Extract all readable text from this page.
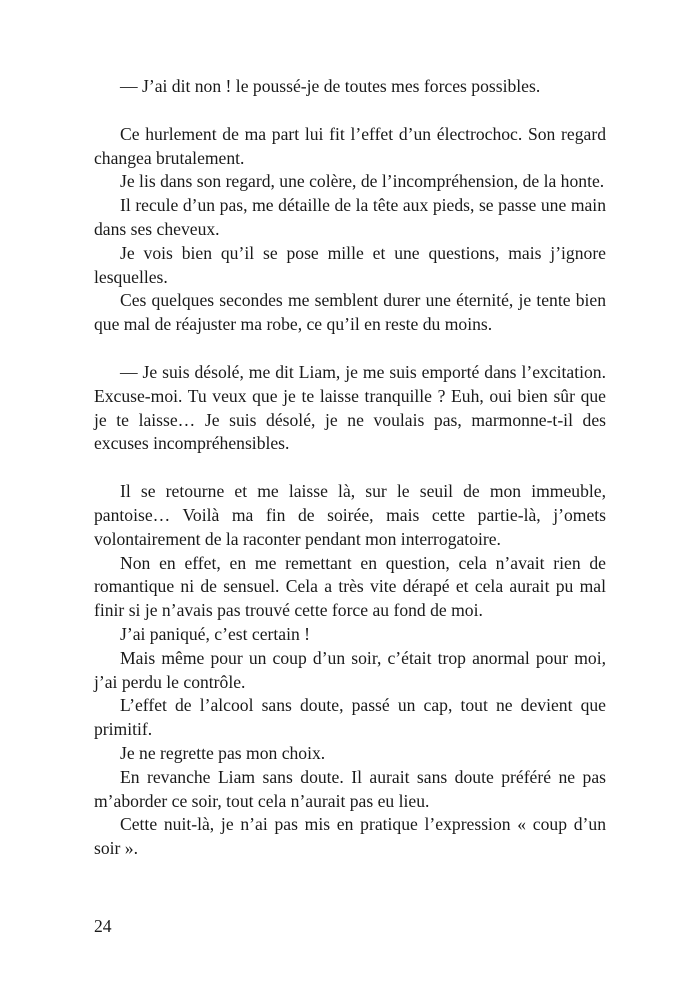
— J’ai dit non ! le poussé-je de toutes mes forces possibles.

Ce hurlement de ma part lui fit l’effet d’un électrochoc. Son regard changea brutalement.

Je lis dans son regard, une colère, de l’incompréhension, de la honte.

Il recule d’un pas, me détaille de la tête aux pieds, se passe une main dans ses cheveux.

Je vois bien qu’il se pose mille et une questions, mais j’ignore lesquelles.

Ces quelques secondes me semblent durer une éternité, je tente bien que mal de réajuster ma robe, ce qu’il en reste du moins.

— Je suis désolé, me dit Liam, je me suis emporté dans l’excitation. Excuse-moi. Tu veux que je te laisse tranquille ? Euh, oui bien sûr que je te laisse… Je suis désolé, je ne voulais pas, marmonne-t-il des excuses incompréhensibles.

Il se retourne et me laisse là, sur le seuil de mon immeuble, pantoise… Voilà ma fin de soirée, mais cette partie-là, j’omets volontairement de la raconter pendant mon interrogatoire.

Non en effet, en me remettant en question, cela n’avait rien de romantique ni de sensuel. Cela a très vite dérapé et cela aurait pu mal finir si je n’avais pas trouvé cette force au fond de moi.

J’ai paniqué, c’est certain !

Mais même pour un coup d’un soir, c’était trop anormal pour moi, j’ai perdu le contrôle.

L’effet de l’alcool sans doute, passé un cap, tout ne devient que primitif.

Je ne regrette pas mon choix.

En revanche Liam sans doute. Il aurait sans doute préféré ne pas m’aborder ce soir, tout cela n’aurait pas eu lieu.

Cette nuit-là, je n’ai pas mis en pratique l’expression « coup d’un soir ».

24
